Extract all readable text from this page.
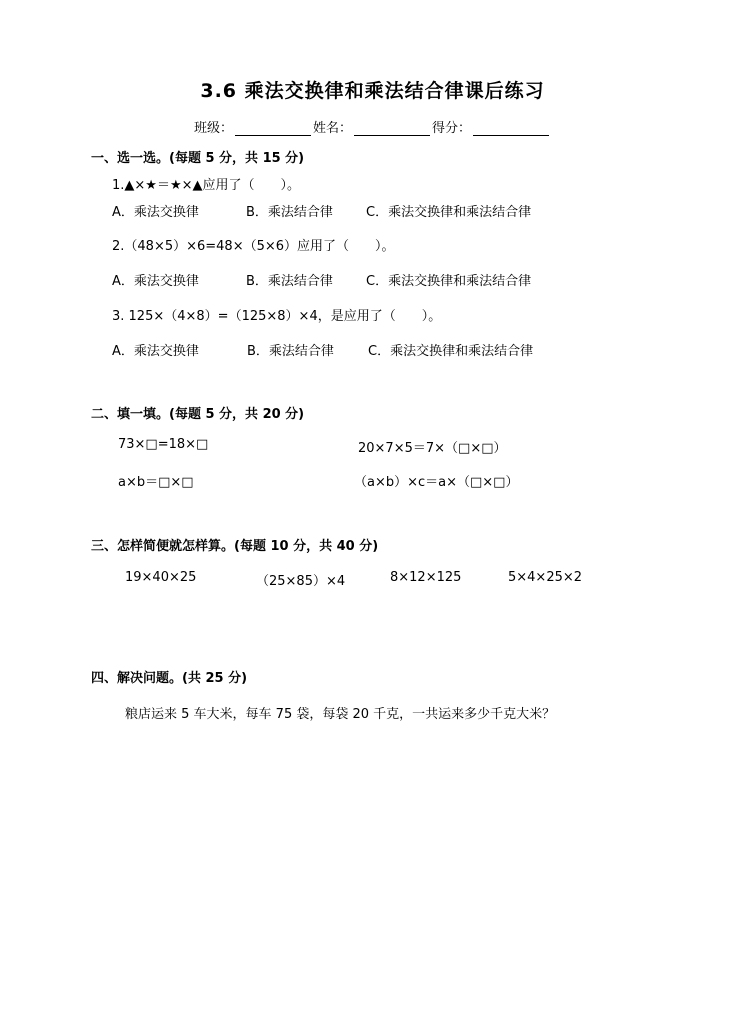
3.6 乘法交换律和乘法结合律课后练习
班级：	姓名：	得分：
一、选一选。(每题 5 分，共 15 分)
1.▲×★＝★×▲应用了（　　）。
A．乘法交换律	B．乘法结合律	C．乘法交换律和乘法结合律
2.（48×5）×6=48×（5×6）应用了（　　）。
A．乘法交换律	B．乘法结合律	C．乘法交换律和乘法结合律
3. 125×（4×8）=（125×8）×4，是应用了（　　）。
A．乘法交换律	B．乘法结合律	C．乘法交换律和乘法结合律
二、填一填。(每题 5 分，共 20 分)
73×□=18×□	20×7×5＝7×（□×□）
a×b＝□×□	（a×b）×c＝a×（□×□）
三、怎样简便就怎样算。(每题 10 分，共 40 分)
19×40×25	（25×85）×4	8×12×125	5×4×25×2
四、解决问题。(共 25 分)
粮店运来 5 车大米，每车 75 袋，每袋 20 千克，一共运来多少千克大米？
